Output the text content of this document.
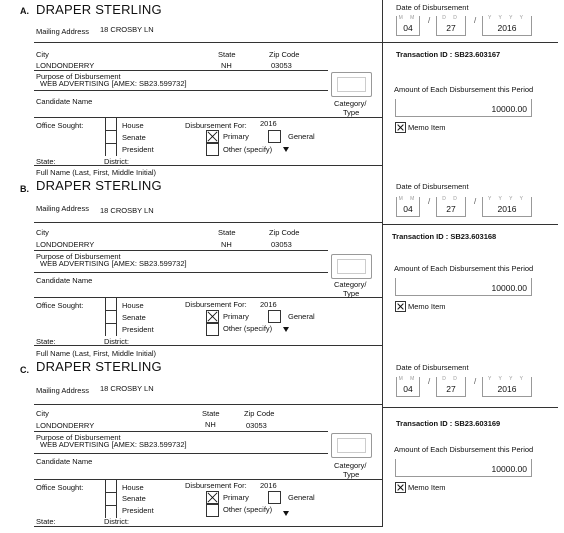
A. DRAPER STERLING
Mailing Address 18 CROSBY LN
City	State	Zip Code
LONDONDERRY	NH	03053
Purpose of Disbursement
WEB ADVERTISING [AMEX: SB23.599732]
Candidate Name	Category/
Type
Office Sought:	House
Senate
President
Disbursement For: 2016
Primary	General
Other (specify)
State:	District:
Date of Disbursement
M M
04
/	D D
27
/	Y Y Y Y
2016
Transaction ID : SB23.603167
Amount of Each Disbursement this Period
10000.00
Memo Item
Full Name (Last, First, Middle Initial)
B. DRAPER STERLING
Mailing Address 18 CROSBY LN
City	State	Zip Code
LONDONDERRY	NH	03053
Purpose of Disbursement
WEB ADVERTISING [AMEX: SB23.599732]
Candidate Name	Category/
Type
Office Sought:	House
Senate
President
Disbursement For: 2016
Primary	General
Other (specify)
State:	District:
Date of Disbursement
M M
04
/	D D
27
/	Y Y Y Y
2016
Transaction ID : SB23.603168
Amount of Each Disbursement this Period
10000.00
Memo Item
Full Name (Last, First, Middle Initial)
C. DRAPER STERLING
Mailing Address 18 CROSBY LN
City	State	Zip Code
LONDONDERRY	NH	03053
Purpose of Disbursement
WEB ADVERTISING [AMEX: SB23.599732]
Candidate Name	Category/
Type
Office Sought:	House
Senate
President
Disbursement For: 2016
Primary	General
Other (specify)
State:	District:
Date of Disbursement
M M
04
/	D D
27
/	Y Y Y Y
2016
Transaction ID : SB23.603169
Amount of Each Disbursement this Period
10000.00
Memo Item
